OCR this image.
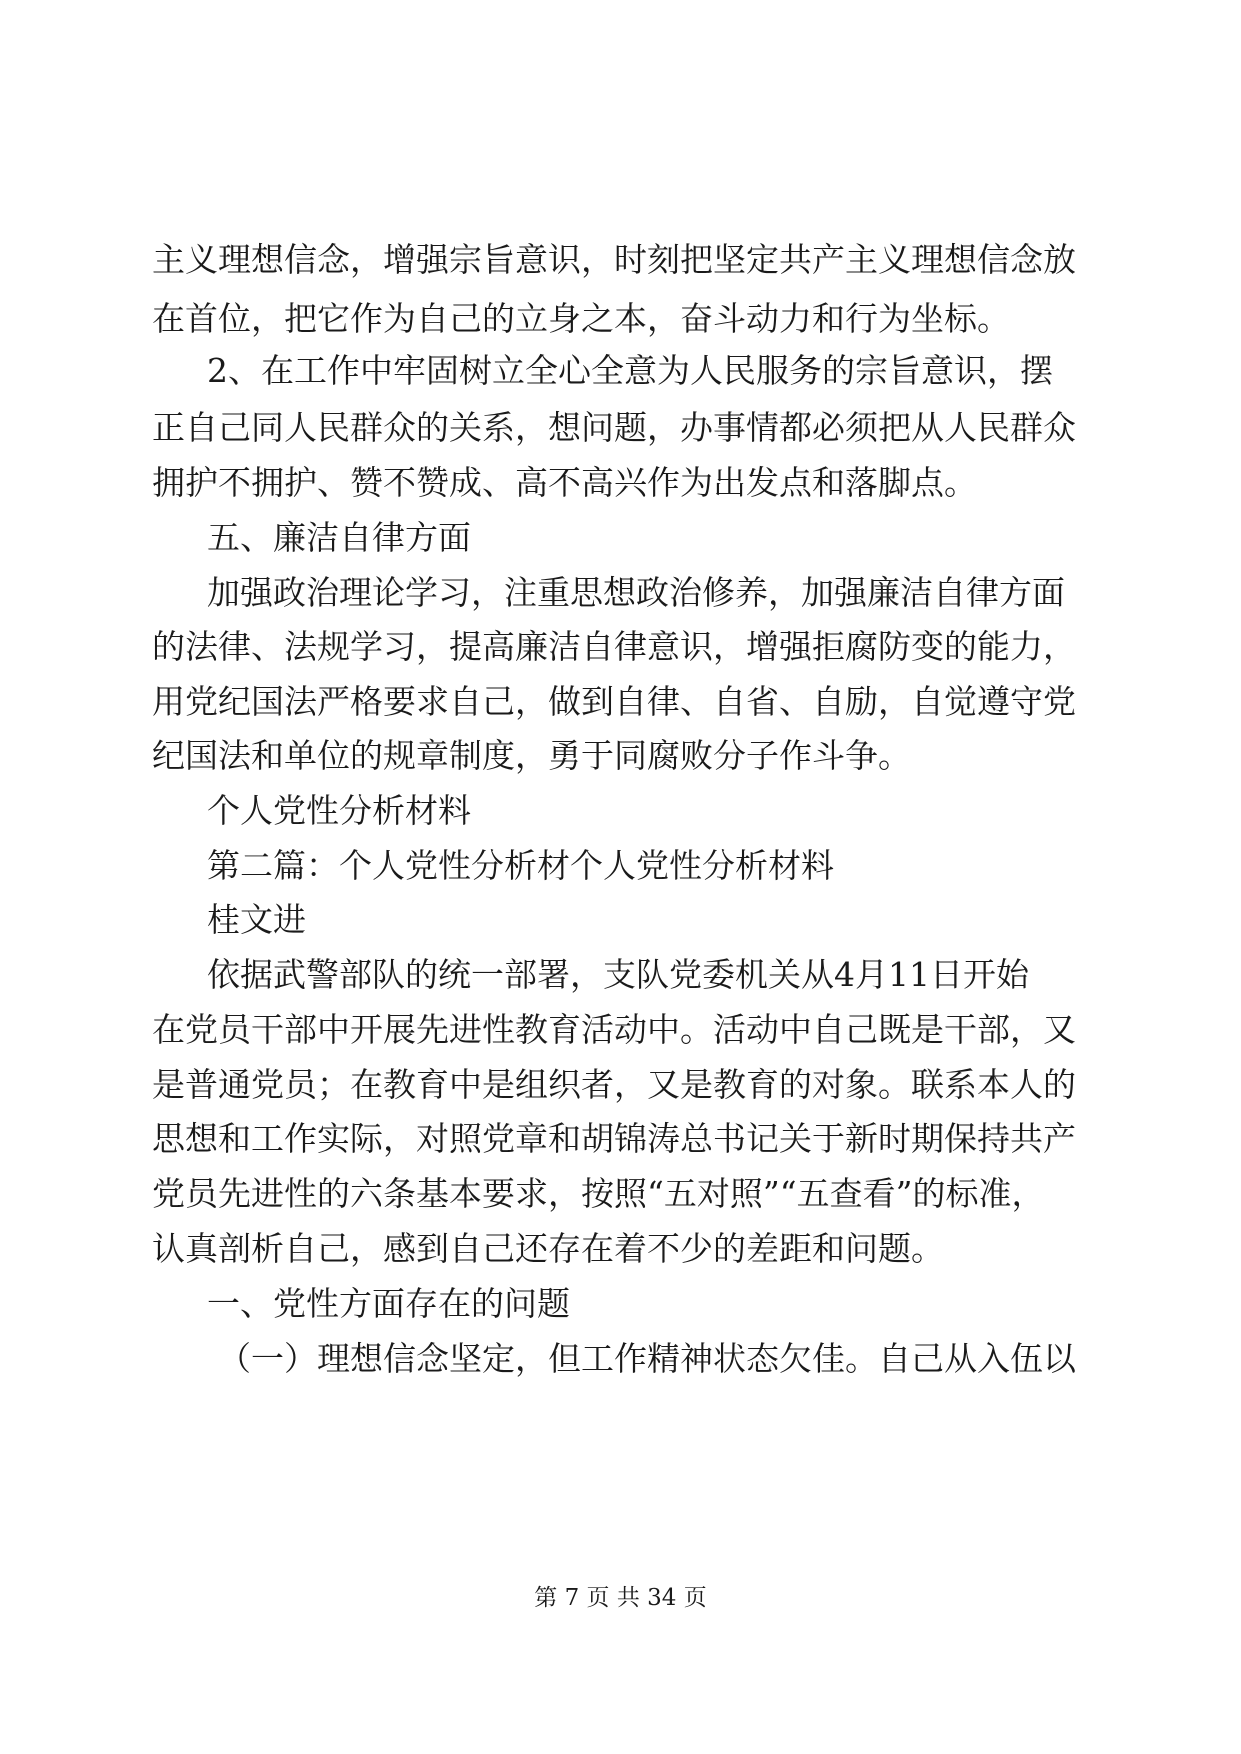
主 义 理 想 信 念 ， 增 强 宗 旨 意 识 ， 时 刻 把 坚 定 共 产 主 义 理 想 信 念 放
在首位，把它作为自己的立身之本，奋斗动力和行为坐标。
2 、 在 工 作 中 牢 固 树 立 全 心 全 意 为 人 民 服 务 的 宗 旨 意 识 ， 摆
正 自 己 同 人 民 群 众 的 关 系 ， 想 问 题 ， 办 事 情 都 必 须 把 从 人 民 群 众
拥护不拥护、赞不赞成、高不高兴作为出发点和落脚点。
五、廉洁自律方面
加 强 政 治 理 论 学 习 ， 注 重 思 想 政 治 修 养 ， 加 强 廉 洁 自 律 方 面
的 法 律 、 法 规 学 习 ， 提 高 廉 洁 自 律 意 识 ， 增 强 拒 腐 防 变 的 能 力 ，
用 党 纪 国 法 严 格 要 求 自 己 ， 做 到 自 律 、 自 省 、 自 励 ， 自 觉 遵 守 党
纪国法和单位的规章制度，勇于同腐败分子作斗争。
个人党性分析材料
第二篇：个人党性分析材个人党性分析材料
桂文进
依 据 武 警 部 队 的 统 一 部 署 ， 支 队 党 委 机 关 从 4 月 11 日 开 始
在 党 员 干 部 中 开 展 先 进 性 教 育 活 动 中 。 活 动 中 自 己 既 是 干 部 ， 又
是 普 通 党 员 ； 在 教 育 中 是 组 织 者 ， 又 是 教 育 的 对 象 。 联 系 本 人 的
思 想 和 工 作 实 际 ， 对 照 党 章 和 胡 锦 涛 总 书 记 关 于 新 时 期 保 持 共 产
党 员 先 进 性 的 六 条 基 本 要 求 ， 按 照 “ 五 对 照 ” “ 五 查 看 ” 的 标 准 ，
认真剖析自己，感到自己还存在着不少的差距和问题。
一、党性方面存在的问题
（ 一 ） 理 想 信 念 坚 定 ， 但 工 作 精 神 状 态 欠 佳 。 自 己 从 入 伍 以
第 7 页 共 34 页
